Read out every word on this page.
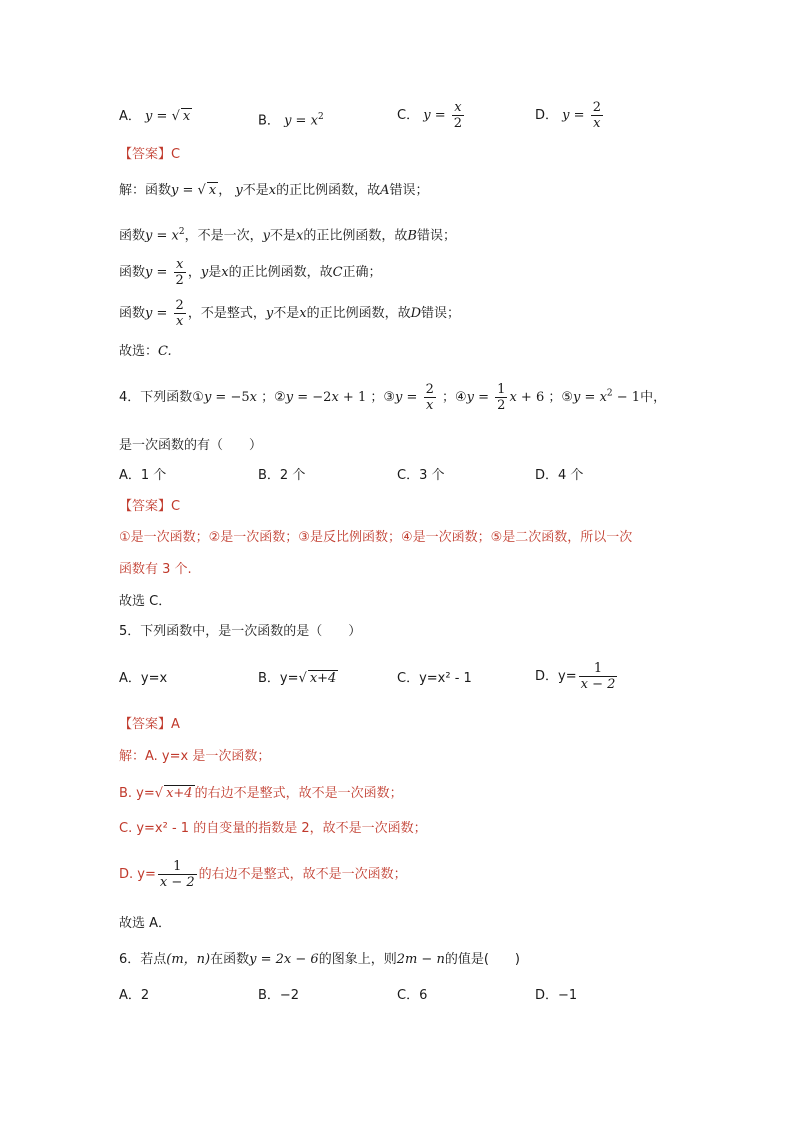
A． y = √ x	B． $y = x^2$	C． $y = \frac{x}{2}$	D． $y = \frac{2}{x}$
【答案】C
解：函数y = √ x ， y不是x的正比例函数，故A错误；
函数$y = x^2$，不是一次，y不是x的正比例函数，故B错误；
函数$y = \frac{x}{2}$ ，y是x的正比例函数，故C正确；
函数$y = \frac{2}{x}$ ，不是整式，y不是x的正比例函数，故D错误；
故选：C.
4．下列函数①y = −5x ；②y = −2x + 1 ；③y = $\frac{2}{x}$ ；④y = $\frac{1}{2}$ x + 6 ；⑤y = $x^2 - 1$中，
是一次函数的有（　　）
A．1 个	B．2 个	C．3 个	D．4 个
【答案】C
①是一次函数；②是一次函数；③是反比例函数；④是一次函数；⑤是二次函数，所以一次
函数有 3 个.
故选 C．
5．下列函数中，是一次函数的是（　　）
A．y=x	B．y=√ x+4	C．y=x² - 1	D．$y= \frac{1}{x - 2}$
【答案】A
解：A. y=x 是一次函数；
B. y=√ x+4 的右边不是整式，故不是一次函数；
C. y=x² - 1 的自变量的指数是 2，故不是一次函数；
D. $y= \frac{1}{x - 2}$ 的右边不是整式，故不是一次函数；
故选 A．
6．若点(m，n)在函数y = 2x − 6的图象上，则2m − n的值是(　　)
A．2	B．−2	C．6	D．−1
